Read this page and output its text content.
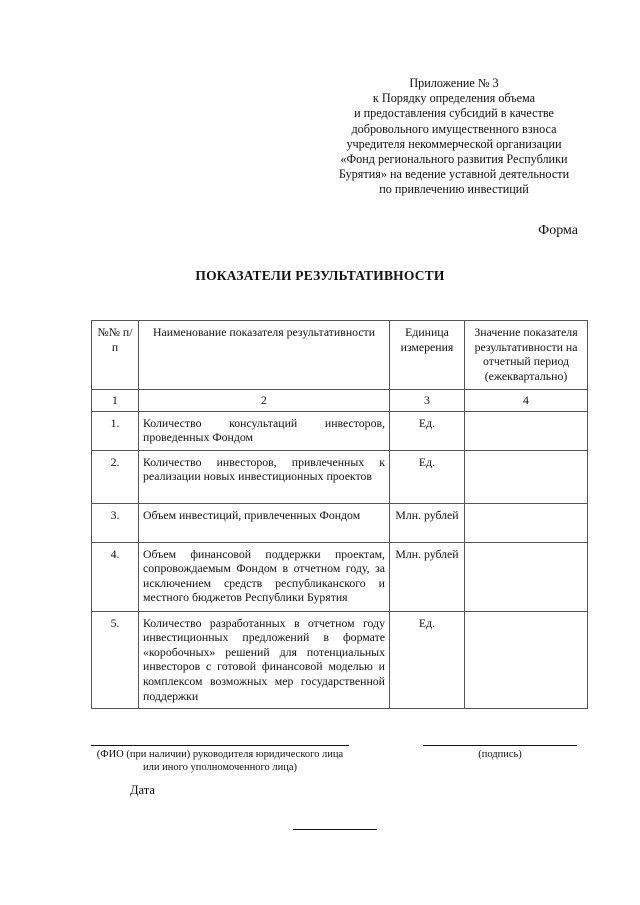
Приложение № 3
к Порядку определения объема
и предоставления субсидий в качестве
добровольного имущественного взноса
учредителя некоммерческой организации
«Фонд регионального развития Республики
Бурятия» на ведение уставной деятельности
по привлечению инвестиций
Форма
ПОКАЗАТЕЛИ РЕЗУЛЬТАТИВНОСТИ
№№ п/п	Наименование показателя результативности	Единица измерения	Значение показателя результативности на отчетный период (ежеквартально)
1	2	3	4
1.	Количество консультаций инвесторов, проведенных Фондом	Ед.	
2.	Количество инвесторов, привлеченных к реализации новых инвестиционных проектов	Ед.	
3.	Объем инвестиций, привлеченных Фондом	Млн. рублей	
4.	Объем финансовой поддержки проектам, сопровождаемым Фондом в отчетном году, за исключением средств республиканского и местного бюджетов Республики Бурятия	Млн. рублей	
5.	Количество разработанных в отчетном году инвестиционных предложений в формате «коробочных» решений для потенциальных инвесторов с готовой финансовой моделью и комплексом возможных мер государственной поддержки	Ед.	
(ФИО (при наличии) руководителя юридического лица
или иного уполномоченного лица)
(подпись)
Дата
